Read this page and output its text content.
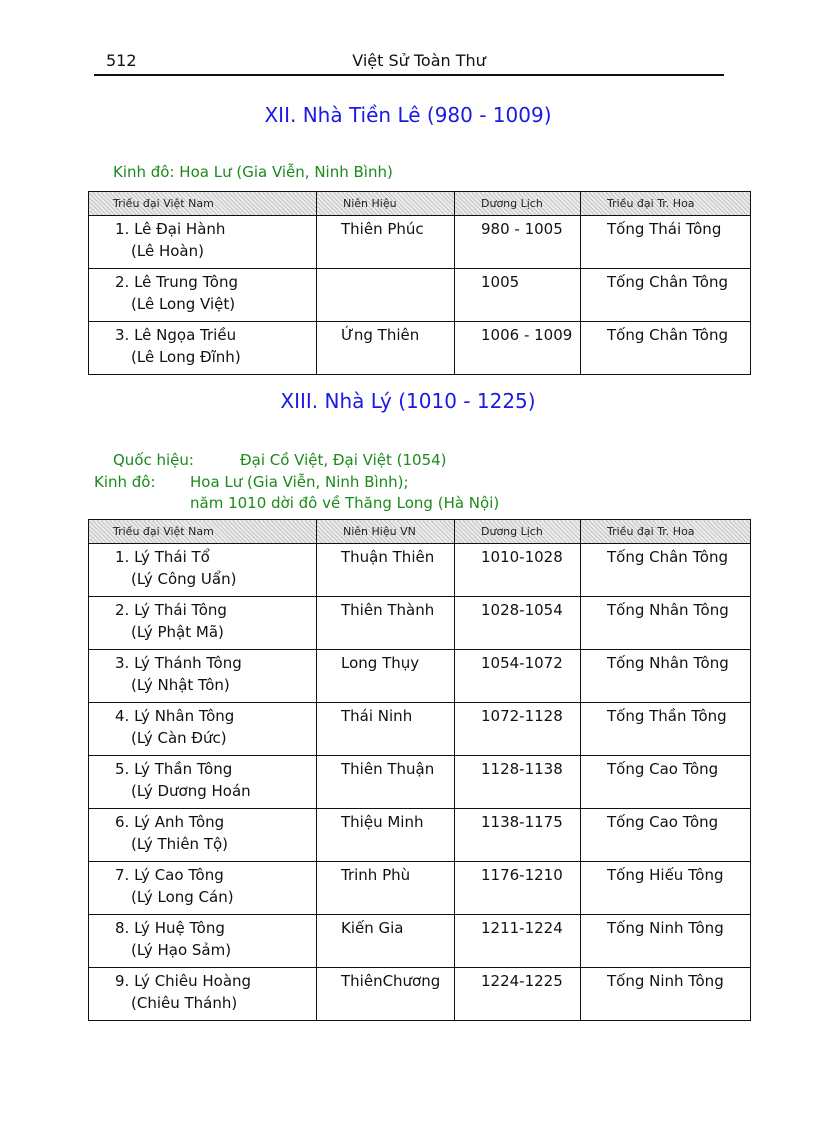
512	Việt Sử Toàn Thư
XII. Nhà Tiền Lê (980 - 1009)
Kinh đô: Hoa Lư (Gia Viễn, Ninh Bình)
Triều đại Việt Nam	Niên Hiệu	Dương Lịch	Triều đại Tr. Hoa
1. Lê Đại Hành
(Lê Hoàn)	Thiên Phúc	980 - 1005	Tống Thái Tông
2. Lê Trung Tông
(Lê Long Việt)		1005	Tống Chân Tông
3. Lê Ngọa Triều
(Lê Long Đĩnh)	Ứng Thiên	1006 - 1009	Tống Chân Tông
XIII. Nhà Lý (1010 - 1225)
Quốc hiệu:	Đại Cồ Việt, Đại Việt (1054)
Kinh đô: Hoa Lư (Gia Viễn, Ninh Bình);
năm 1010 dời đô về Thăng Long (Hà Nội)
Triều đại Việt Nam	Niên Hiệu VN	Dương Lịch	Triều đại Tr. Hoa
1. Lý Thái Tổ
(Lý Công Uẩn)	Thuận Thiên	1010-1028	Tống Chân Tông
2. Lý Thái Tông
(Lý Phật Mã)	Thiên Thành	1028-1054	Tống Nhân Tông
3. Lý Thánh Tông
(Lý Nhật Tôn)	Long Thụy	1054-1072	Tống Nhân Tông
4. Lý Nhân Tông
(Lý Càn Đức)	Thái Ninh	1072-1128	Tống Thần Tông
5. Lý Thần Tông
(Lý Dương Hoán	Thiên Thuận	1128-1138	Tống Cao Tông
6. Lý Anh Tông
(Lý Thiên Tộ)	Thiệu Minh	1138-1175	Tống Cao Tông
7. Lý Cao Tông
(Lý Long Cán)	Trinh Phù	1176-1210	Tống Hiếu Tông
8. Lý Huệ Tông
(Lý Hạo Sảm)	Kiến Gia	1211-1224	Tống Ninh Tông
9. Lý Chiêu Hoàng
(Chiêu Thánh)	ThiênChương	1224-1225	Tống Ninh Tông
